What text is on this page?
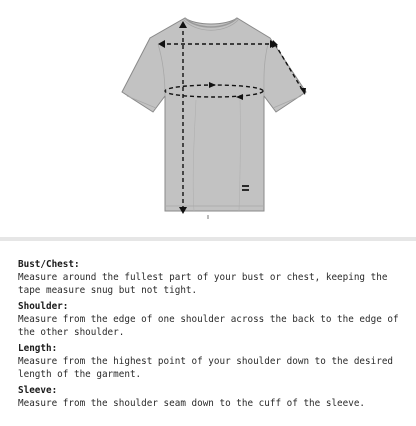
Bust/Chest:

Measure around the fullest part of your bust or chest, keeping the tape measure snug but not tight.

Shoulder:

Measure from the edge of one shoulder across the back to the edge of the other shoulder.

Length:

Measure from the highest point of your shoulder down to the desired length of the garment.

Sleeve:

Measure from the shoulder seam down to the cuff of the sleeve.
